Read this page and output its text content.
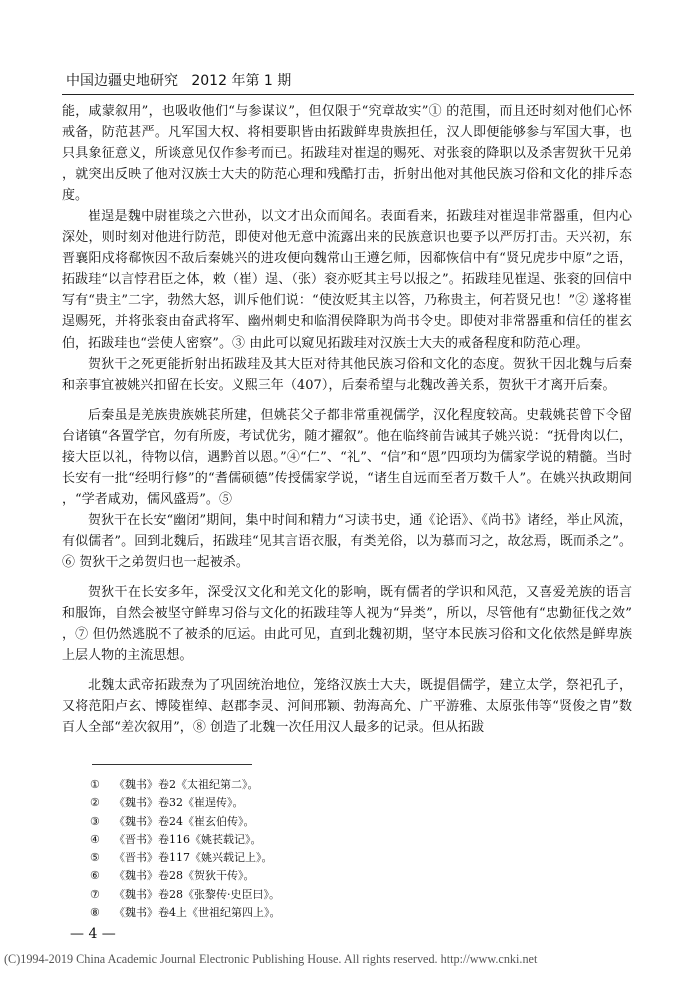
中国边疆史地研究 2012 年第 1 期

能，咸蒙叙用”，也吸收他们“与参谋议”，但仅限于“究章故实”① 的范围，而且还时刻对他们心怀戒备，防范甚严。凡军国大权、将相要职皆由拓跋鲜卑贵族担任，汉人即便能够参与军国大事，也只具象征意义，所谈意见仅作参考而已。拓跋珪对崔逞的赐死、对张衮的降职以及杀害贺狄干兄弟，就突出反映了他对汉族士大夫的防范心理和残酷打击，折射出他对其他民族习俗和文化的排斥态度。

崔逞是魏中尉崔琰之六世孙，以文才出众而闻名。表面看来，拓跋珪对崔逞非常器重，但内心深处，则时刻对他进行防范，即使对他无意中流露出来的民族意识也要予以严厉打击。天兴初，东晋襄阳戍将郗恢因不敌后秦姚兴的进攻便向魏常山王遵乞师，因郗恢信中有“贤兄虎步中原”之语，拓跋珪“以言悖君臣之体，敕（崔）逞、（张）衮亦贬其主号以报之”。拓跋珪见崔逞、张衮的回信中写有“贵主”二字，勃然大怒，训斥他们说：“使汝贬其主以答，乃称贵主，何若贤兄也！”② 遂将崔逞赐死，并将张衮由奋武将军、幽州刺史和临渭侯降职为尚书令史。即使对非常器重和信任的崔玄伯，拓跋珪也“尝使人密察”。③ 由此可以窥见拓跋珪对汉族士大夫的戒备程度和防范心理。

贺狄干之死更能折射出拓跋珪及其大臣对待其他民族习俗和文化的态度。贺狄干因北魏与后秦和亲事宜被姚兴扣留在长安。义熙三年（407），后秦希望与北魏改善关系，贺狄干才离开后秦。

后秦虽是羌族贵族姚苌所建，但姚苌父子都非常重视儒学，汉化程度较高。史载姚苌曾下令留台诸镇“各置学官，勿有所废，考试优劣，随才擢叙”。他在临终前告诫其子姚兴说：“抚骨肉以仁，接大臣以礼，待物以信，遇黔首以恩。”④“仁”、“礼”、“信”和“恩”四项均为儒家学说的精髓。当时长安有一批“经明行修”的“耆儒硕德”传授儒家学说，“诸生自远而至者万数千人”。在姚兴执政期间，“学者咸劝，儒风盛焉”。⑤

贺狄干在长安“幽闭”期间，集中时间和精力“习读书史，通《论语》、《尚书》诸经，举止风流，有似儒者”。回到北魏后，拓跋珪“见其言语衣服，有类羌俗，以为慕而习之，故忿焉，既而杀之”。⑥ 贺狄干之弟贺归也一起被杀。

贺狄干在长安多年，深受汉文化和羌文化的影响，既有儒者的学识和风范，又喜爱羌族的语言和服饰，自然会被坚守鲜卑习俗与文化的拓跋珪等人视为“异类”，所以，尽管他有“忠勤征伐之效”，⑦ 但仍然逃脱不了被杀的厄运。由此可见，直到北魏初期，坚守本民族习俗和文化依然是鲜卑族上层人物的主流思想。

北魏太武帝拓跋焘为了巩固统治地位，笼络汉族士大夫，既提倡儒学，建立太学，祭祀孔子，又将范阳卢玄、博陵崔绰、赵郡李灵、河间邢颖、勃海高允、广平游雅、太原张伟等“贤俊之胄”数百人全部“差次叙用”，⑧ 创造了北魏一次任用汉人最多的记录。但从拓跋

①	《魏书》卷2《太祖纪第二》。
②	《魏书》卷32《崔逞传》。
③	《魏书》卷24《崔玄伯传》。
④	《晋书》卷116《姚苌载记》。
⑤	《晋书》卷117《姚兴载记上》。
⑥	《魏书》卷28《贺狄干传》。
⑦	《魏书》卷28《张黎传·史臣曰》。
⑧	《魏书》卷4上《世祖纪第四上》。
— 4 —
(C)1994-2019 China Academic Journal Electronic Publishing House. All rights reserved. http://www.cnki.net
